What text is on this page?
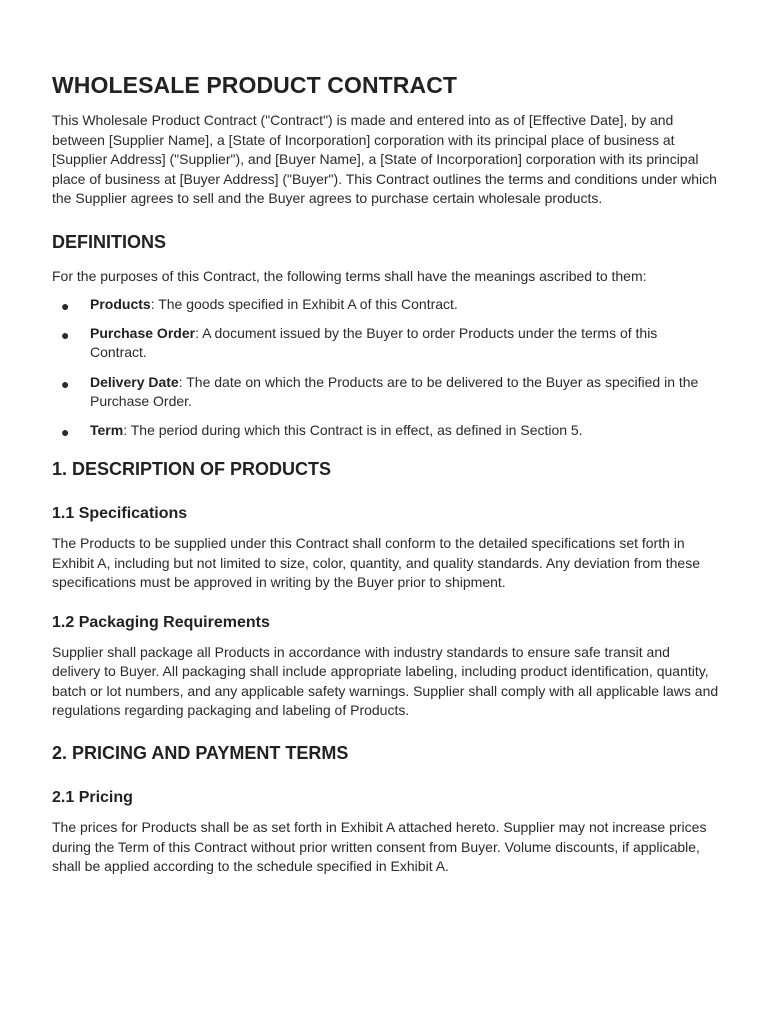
WHOLESALE PRODUCT CONTRACT

This Wholesale Product Contract ("Contract") is made and entered into as of [Effective Date], by and between [Supplier Name], a [State of Incorporation] corporation with its principal place of business at [Supplier Address] ("Supplier"), and [Buyer Name], a [State of Incorporation] corporation with its principal place of business at [Buyer Address] ("Buyer"). This Contract outlines the terms and conditions under which the Supplier agrees to sell and the Buyer agrees to purchase certain wholesale products.

DEFINITIONS

For the purposes of this Contract, the following terms shall have the meanings ascribed to them:

● Products: The goods specified in Exhibit A of this Contract.
● Purchase Order: A document issued by the Buyer to order Products under the terms of this Contract.
● Delivery Date: The date on which the Products are to be delivered to the Buyer as specified in the Purchase Order.
● Term: The period during which this Contract is in effect, as defined in Section 5.
1. DESCRIPTION OF PRODUCTS
1.1 Specifications

The Products to be supplied under this Contract shall conform to the detailed specifications set forth in Exhibit A, including but not limited to size, color, quantity, and quality standards. Any deviation from these specifications must be approved in writing by the Buyer prior to shipment.

1.2 Packaging Requirements

Supplier shall package all Products in accordance with industry standards to ensure safe transit and delivery to Buyer. All packaging shall include appropriate labeling, including product identification, quantity, batch or lot numbers, and any applicable safety warnings. Supplier shall comply with all applicable laws and regulations regarding packaging and labeling of Products.

2. PRICING AND PAYMENT TERMS
2.1 Pricing

The prices for Products shall be as set forth in Exhibit A attached hereto. Supplier may not increase prices during the Term of this Contract without prior written consent from Buyer. Volume discounts, if applicable, shall be applied according to the schedule specified in Exhibit A.
